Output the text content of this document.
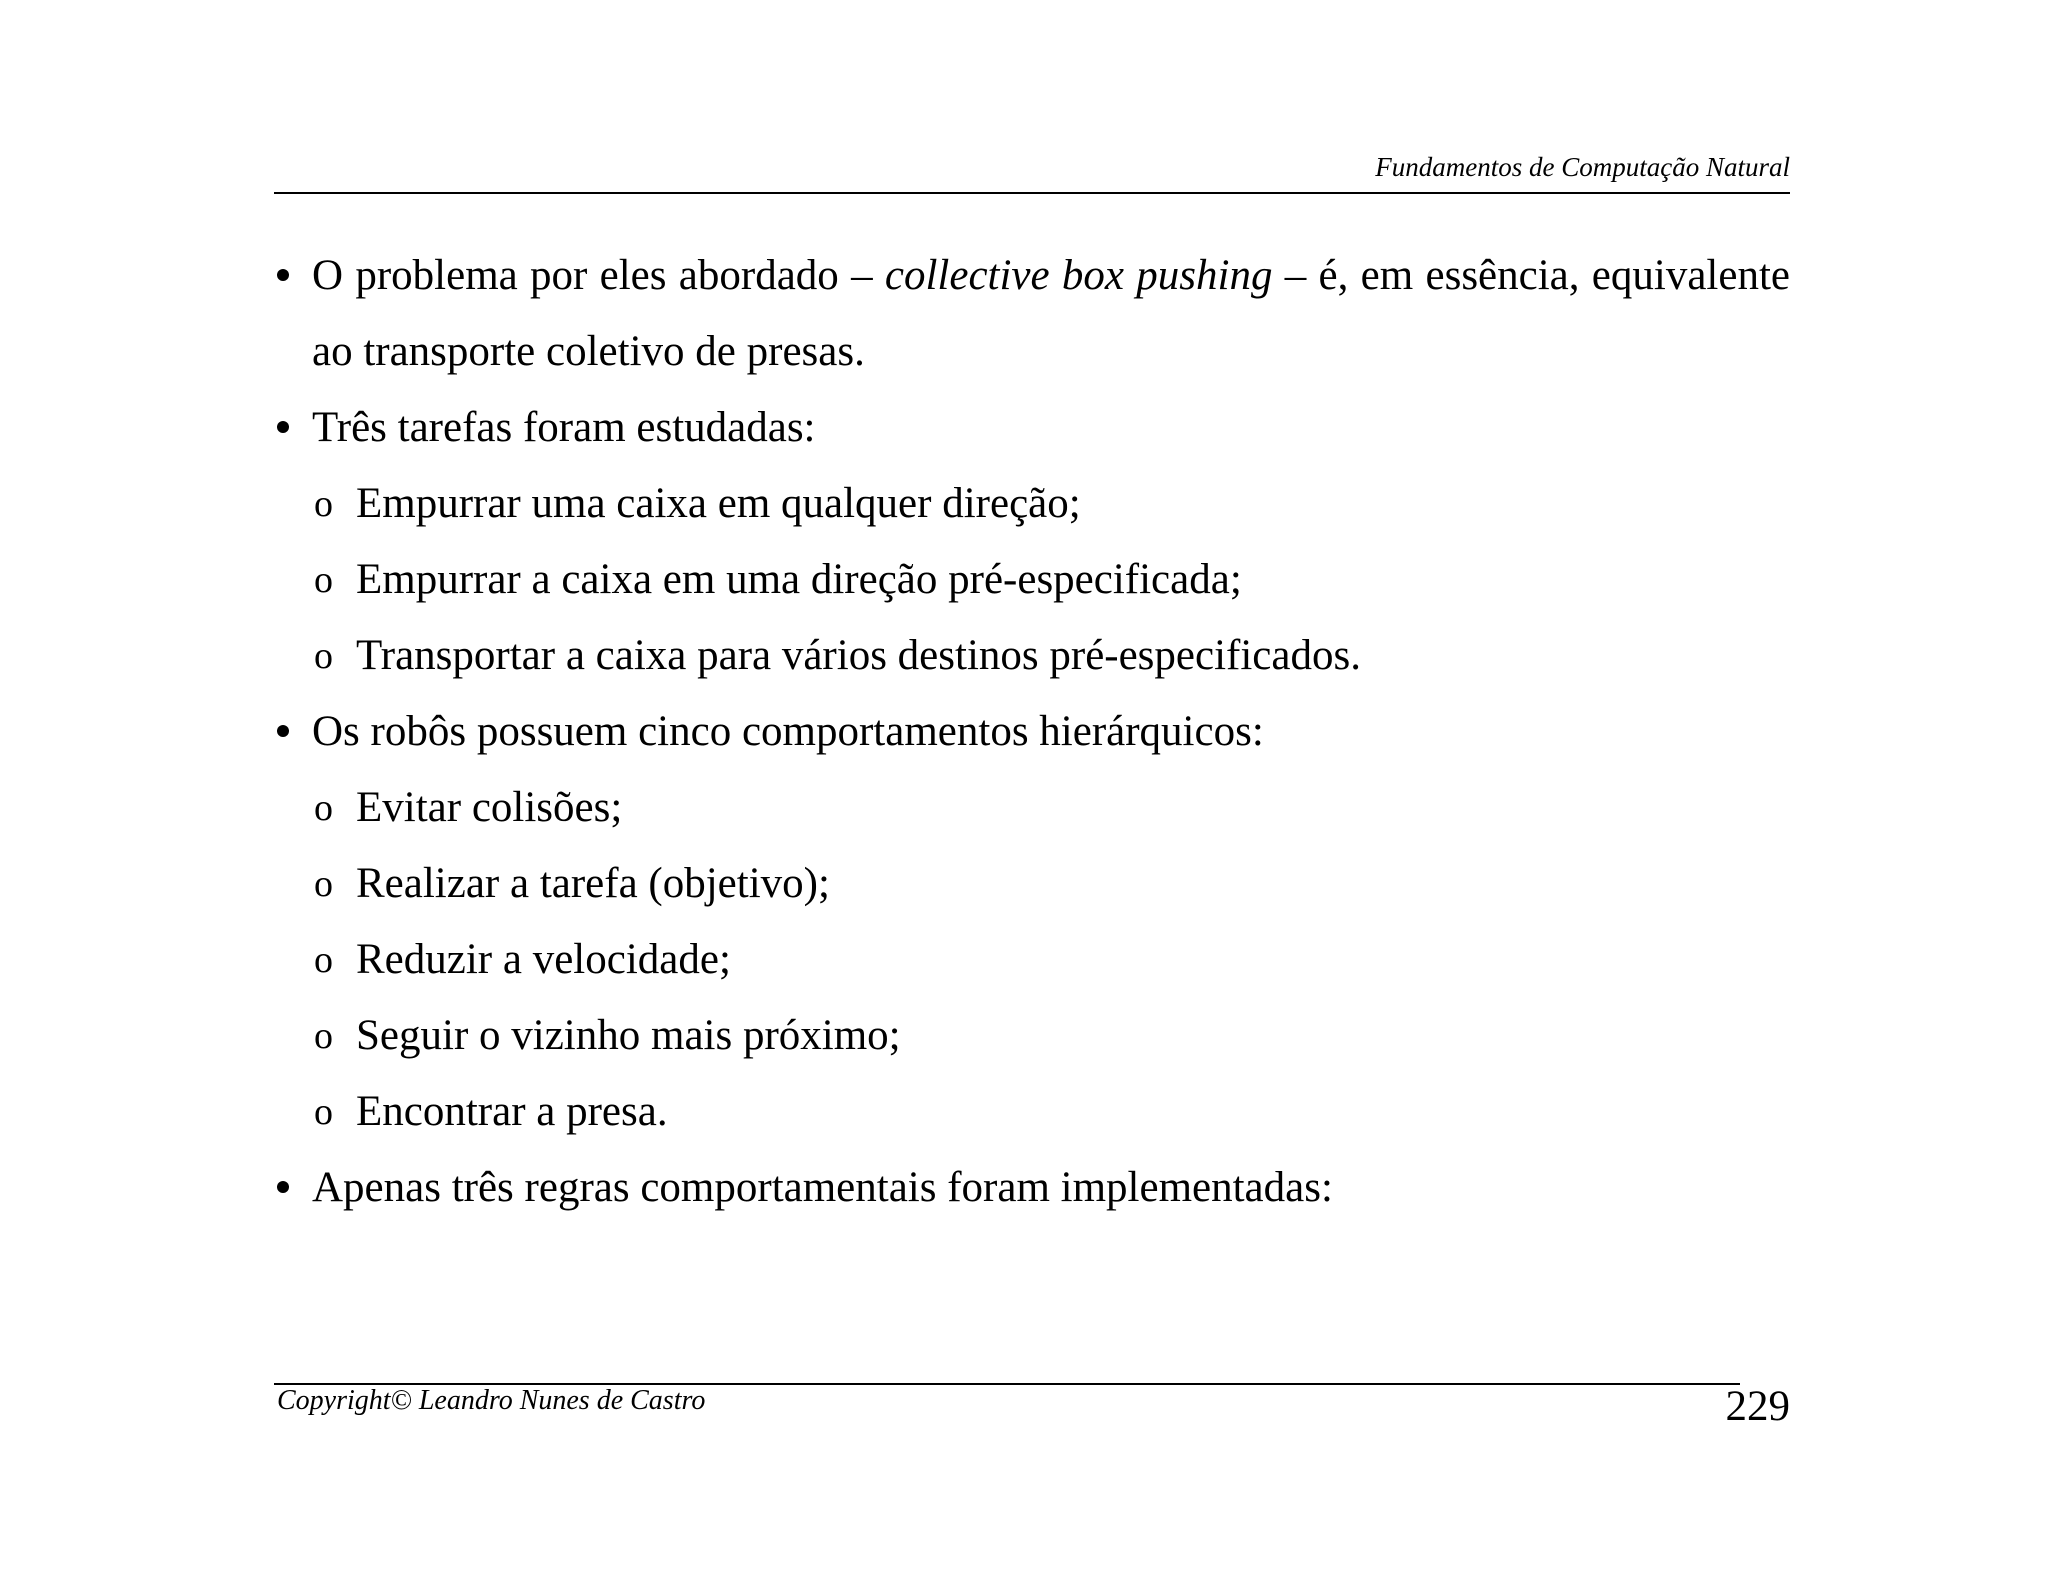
Fundamentos de Computação Natural

O problema por eles abordado – collective box pushing – é, em essência, equivalente ao transporte coletivo de presas.

Três tarefas foram estudadas:

o Empurrar uma caixa em qualquer direção;

o Empurrar a caixa em uma direção pré-especificada;

o Transportar a caixa para vários destinos pré-especificados.

Os robôs possuem cinco comportamentos hierárquicos:

o Evitar colisões;

o Realizar a tarefa (objetivo);

o Reduzir a velocidade;

o Seguir o vizinho mais próximo;

o Encontrar a presa.

Apenas três regras comportamentais foram implementadas:

Copyright© Leandro Nunes de Castro	229
